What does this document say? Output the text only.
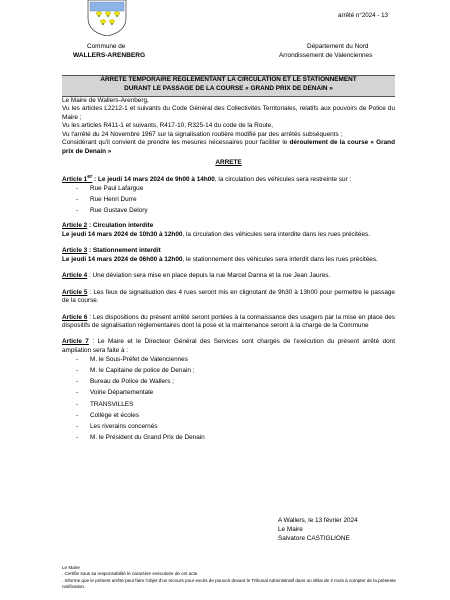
arrêté n°2024 - 13
Commune de
WALLERS-ARENBERG
Département du Nord
Arrondissement de Valenciennes
ARRETE TEMPORAIRE REGLEMENTANT LA CIRCULATION ET LE STATIONNEMENT
DURANT LE PASSAGE DE LA COURSE « GRAND PRIX DE DENAIN »

Le Maire de Wallers-Arenberg,

Vu les articles L2212-1 et suivants du Code Général des Collectivités Territoriales, relatifs aux pouvoirs de Police du Maire ;

Vu les articles R411-1 et suivants, R417-10, R325-14 du code de la Route,

Vu l'arrêté du 24 Novembre 1967 sur la signalisation routière modifié par des arrêtés subséquents ;

Considérant qu'il convient de prendre les mesures nécessaires pour faciliter le déroulement de la course « Grand prix de Denain »

ARRETE

Article 1er : Le jeudi 14 mars 2024 de 9h00 à 14h00, la circulation des véhicules sera restreinte sur :

- Rue Paul Lafargue
- Rue Henri Durre
- Rue Gustave Delory

Article 2 : Circulation interdite

Le jeudi 14 mars 2024 de 10h30 à 12h00, la circulation des véhicules sera interdite dans les rues précitées.

Article 3 : Stationnement interdit

Le jeudi 14 mars 2024 de 06h00 à 12h00, le stationnement des véhicules sera interdit dans les rues précitées.

Article 4 : Une déviation sera mise en place depuis la rue Marcel Danna et la rue Jean Jaures.

Article 5 : Les feux de signalisation des 4 rues seront mis en clignotant de 9h30 à 13h00 pour permettre le passage de la course.

Article 6 : Les dispositions du présent arrêté seront portées à la connaissance des usagers par la mise en place des dispositifs de signalisation réglementaires dont la pose et la maintenance seront à la charge de la Commune

Article 7 : Le Maire et le Directeur Général des Services sont chargés de l'exécution du présent arrêté dont ampliation sera faite à :

- M. le Sous-Préfet de Valenciennes
- M. le Capitaine de police de Denain ;
- Bureau de Police de Wallers ;
- Voirie Départementale
- TRANSVILLES
- Collège et écoles
- Les riverains concernés
- M. le Président du Grand Prix de Denain
A Wallers, le 13 février 2024
Le Maire
Salvatore CASTIGLIONE
Le Maire
. Certifie sous sa responsabilité le caractère exécutoire de cet acte.
. Informe que le présent arrêté peut faire l'objet d'un recours pour excès de pouvoir devant le Tribunal Administratif dans un délai de 2 mois à compter de la présente notification.
